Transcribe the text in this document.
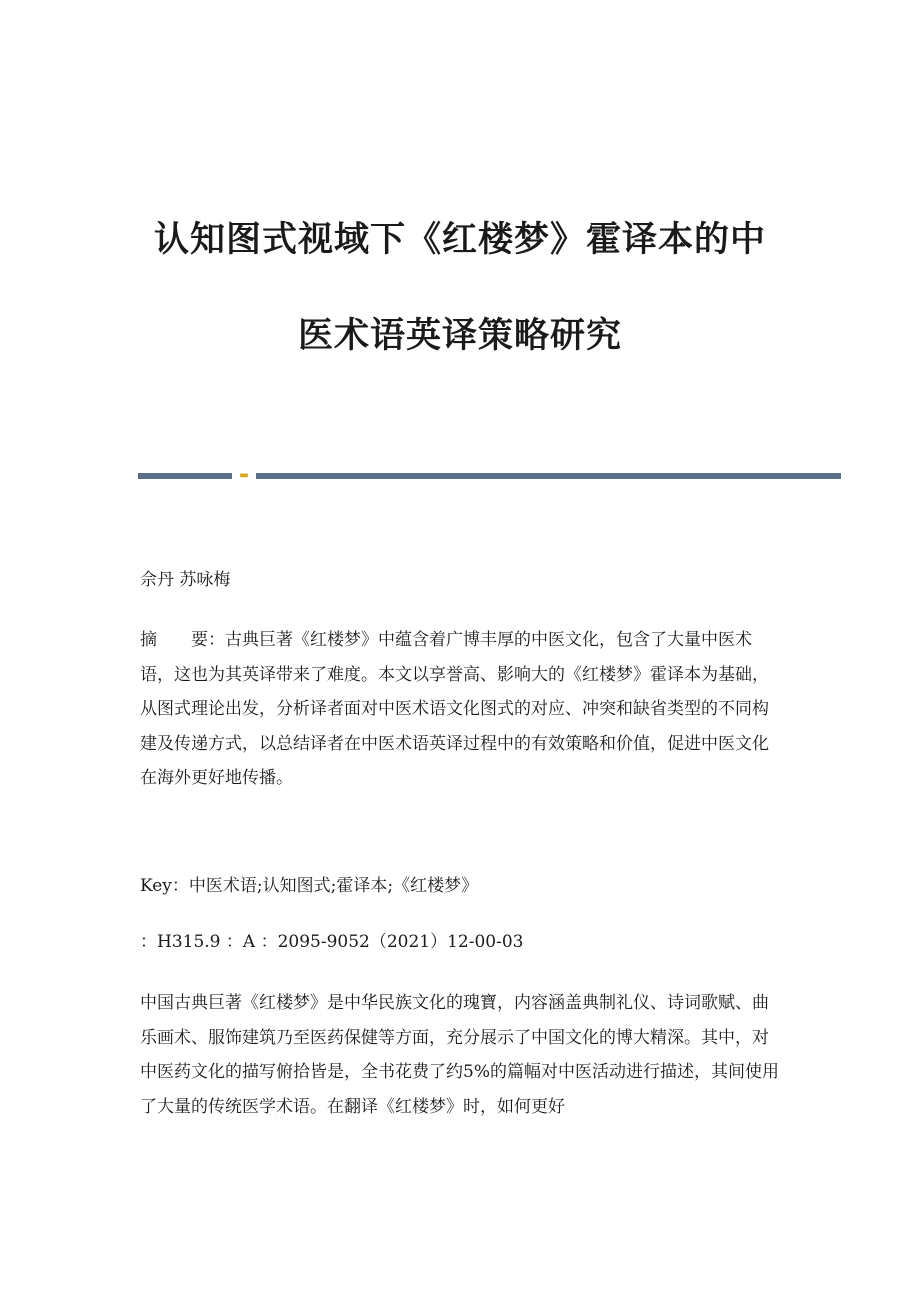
认知图式视域下《红楼梦》霍译本的中
医术语英译策略研究
▬

佘丹 苏咏梅

摘 要：古典巨著《红楼梦》中蕴含着广博丰厚的中医文化，包含了大量中医术语，这也为其英译带来了难度。本文以享誉高、影响大的《红楼梦》霍译本为基础，从图式理论出发，分析译者面对中医术语文化图式的对应、冲突和缺省类型的不同构建及传递方式，以总结译者在中医术语英译过程中的有效策略和价值，促进中医文化在海外更好地传播。

Key：中医术语;认知图式;霍译本;《红楼梦》

：H315.9 ：A ：2095-9052（2021）12-00-03

中国古典巨著《红楼梦》是中华民族文化的瑰寶，内容涵盖典制礼仪、诗词歌赋、曲乐画术、服饰建筑乃至医药保健等方面，充分展示了中国文化的博大精深。其中，对中医药文化的描写俯拾皆是，全书花费了约5%的篇幅对中医活动进行描述，其间使用了大量的传统医学术语。在翻译《红楼梦》时，如何更好
